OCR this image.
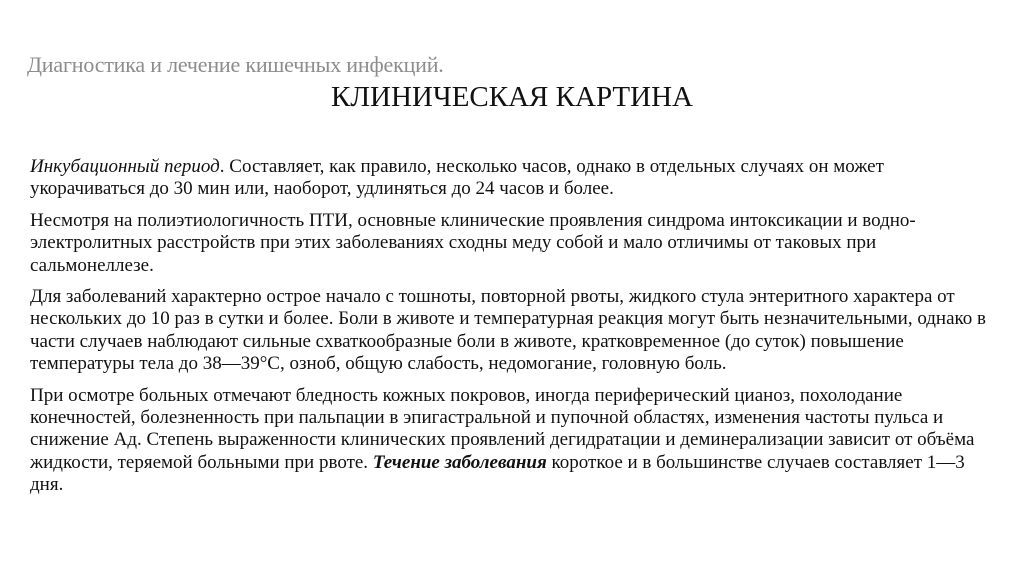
Диагностика и лечение кишечных инфекций.
КЛИНИЧЕСКАЯ КАРТИНА

Инкубационный период. Составляет, как правило, несколько часов, однако в отдельных случаях он может укорачиваться до 30 мин или, наоборот, удлиняться до 24 часов и более.

Несмотря на полиэтиологичность ПТИ, основные клинические проявления синдрома интоксикации и водно-электролитных расстройств при этих заболеваниях сходны меду собой и мало отличимы от таковых при сальмонеллезе.

Для заболеваний характерно острое начало с тошноты, повторной рвоты, жидкого стула энтеритного характера от нескольких до 10 раз в сутки и более. Боли в животе и температурная реакция могут быть незначительными, однако в части случаев наблюдают сильные схваткообразные боли в животе, кратковременное (до суток) повышение температуры тела до 38—39°С, озноб, общую слабость, недомогание, головную боль.

При осмотре больных отмечают бледность кожных покровов, иногда периферический цианоз, похолодание конечностей, болезненность при пальпации в эпигастральной и пупочной областях, изменения частоты пульса и снижение Ад. Степень выраженности клинических проявлений дегидратации и деминерализации зависит от объёма жидкости, теряемой больными при рвоте. Течение заболевания короткое и в большинстве случаев составляет 1—3 дня.
